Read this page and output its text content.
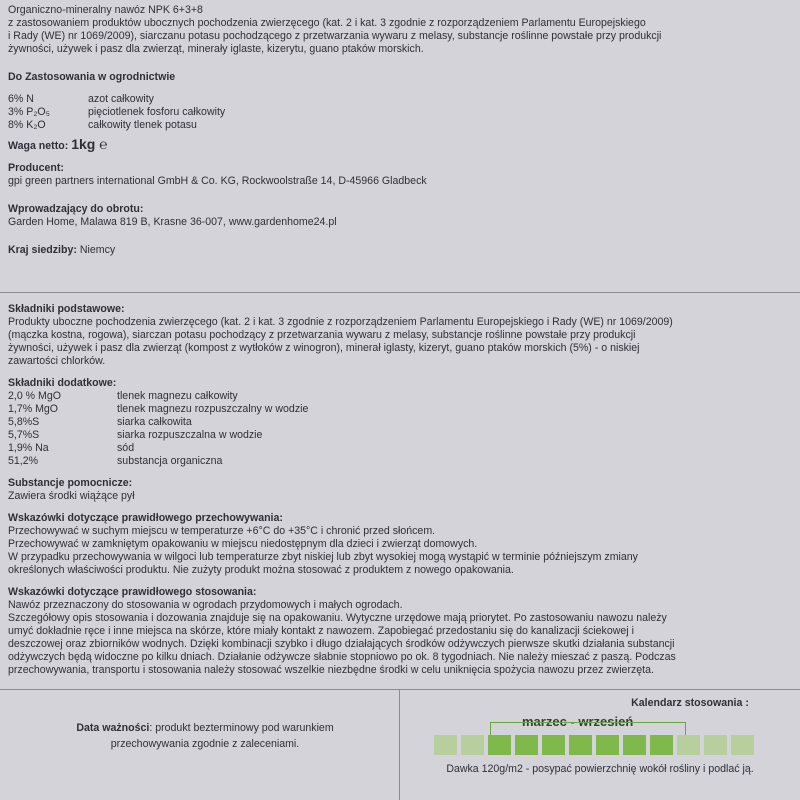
Organiczno-mineralny nawóz NPK 6+3+8
z zastosowaniem produktów ubocznych pochodzenia zwierzęcego (kat. 2 i kat. 3 zgodnie z rozporządzeniem Parlamentu Europejskiego
i Rady (WE) nr 1069/2009), siarczanu potasu pochodzącego z przetwarzania wywaru z melasy, substancje roślinne powstałe przy produkcji
żywności, używek i pasz dla zwierząt, minerały iglaste, kizerytu, guano ptaków morskich.
Do Zastosowania w ogrodnictwie
6% N	azot całkowity
3% P₂O₅	pięciotlenek fosforu całkowity
8% K₂O	całkowity tlenek potasu
Waga netto: 1kg ℮
Producent:
gpi green partners international GmbH & Co. KG, Rockwoolstraße 14, D-45966 Gladbeck
Wprowadzający do obrotu:
Garden Home, Malawa 819 B, Krasne 36-007, www.gardenhome24.pl
Kraj siedziby: Niemcy
Składniki podstawowe:
Produkty uboczne pochodzenia zwierzęcego (kat. 2 i kat. 3 zgodnie z rozporządzeniem Parlamentu Europejskiego i Rady (WE) nr 1069/2009)
(mączka kostna, rogowa), siarczan potasu pochodzący z przetwarzania wywaru z melasy, substancje roślinne powstałe przy produkcji
żywności, używek i pasz dla zwierząt (kompost z wytłoków z winogron), minerał iglasty, kizeryt, guano ptaków morskich (5%) - o niskiej
zawartości chlorków.
Składniki dodatkowe:
2,0 % MgO	tlenek magnezu całkowity
1,7% MgO	tlenek magnezu rozpuszczalny w wodzie
5,8%S	siarka całkowita
5,7%S	siarka rozpuszczalna w wodzie
1,9% Na	sód
51,2%	substancja organiczna
Substancje pomocnicze:
Zawiera środki wiążące pył
Wskazówki dotyczące prawidłowego przechowywania:
Przechowywać w suchym miejscu w temperaturze +6°C do +35°C i chronić przed słońcem.
Przechowywać w zamkniętym opakowaniu w miejscu niedostępnym dla dzieci i zwierząt domowych.
W przypadku przechowywania w wilgoci lub temperaturze zbyt niskiej lub zbyt wysokiej mogą wystąpić w terminie późniejszym zmiany
określonych właściwości produktu. Nie zużyty produkt można stosować z produktem z nowego opakowania.
Wskazówki dotyczące prawidłowego stosowania:
Nawóz przeznaczony do stosowania w ogrodach przydomowych i małych ogrodach.
Szczegółowy opis stosowania i dozowania znajduje się na opakowaniu. Wytyczne urzędowe mają priorytet. Po zastosowaniu nawozu należy
umyć dokładnie ręce i inne miejsca na skórze, które miały kontakt z nawozem. Zapobiegać przedostaniu się do kanalizacji ściekowej i
deszczowej oraz zbiorników wodnych. Dzięki kombinacji szybko i długo działających środków odżywczych pierwsze skutki działania substancji
odżywczych będą widoczne po kilku dniach. Działanie odżywcze słabnie stopniowo po ok. 8 tygodniach. Nie należy mieszać z paszą. Podczas
przechowywania, transportu i stosowania należy stosować wszelkie niezbędne środki w celu uniknięcia spożycia nawozu przez zwierzęta.
Data ważności: produkt bezterminowy pod warunkiem
przechowywania zgodnie z zaleceniami.
Kalendarz stosowania :
marzec - wrzesień
Dawka 120g/m2 - posypać powierzchnię wokół rośliny i podlać ją.
